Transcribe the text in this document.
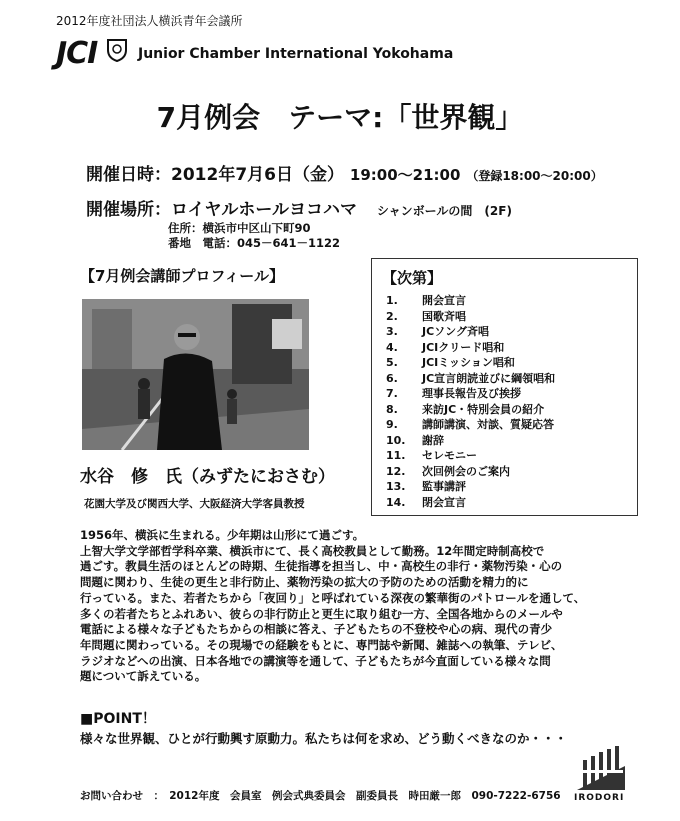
2012年度社団法人横浜青年会議所
JCI	Junior Chamber International Yokohama
7月例会　テーマ:「世界観」
開催日時：2012年7月6日（金） 19:00～21:00 （登録18:00～20:00）
開催場所：ロイヤルホールヨコハマ シャンボールの間　(2F)
住所：横浜市中区山下町90
番地　電話：045－641－1122
【7月例会講師プロフィール】
水谷　修　氏（みずたにおさむ）
花園大学及び関西大学、大阪経済大学客員教授
【次第】
1. 開会宣言
2. 国歌斉唱
3. JCソング斉唱
4. JCIクリード唱和
5. JCIミッション唱和
6. JC宣言朗読並びに綱領唱和
7. 理事長報告及び挨拶
8. 来訪JC・特別会員の紹介
9. 講師講演、対談、質疑応答
10. 謝辞
11. セレモニー
12. 次回例会のご案内
13. 監事講評
14. 閉会宣言

1956年、横浜に生まれる。少年期は山形にて過ごす。

上智大学文学部哲学科卒業、横浜市にて、長く高校教員として勤務。12年間定時制高校で

過ごす。教員生活のほとんどの時期、生徒指導を担当し、中・高校生の非行・薬物汚染・心の

問題に関わり、生徒の更生と非行防止、薬物汚染の拡大の予防のための活動を精力的に

行っている。また、若者たちから「夜回り」と呼ばれている深夜の繁華街のパトロールを通して、

多くの若者たちとふれあい、彼らの非行防止と更生に取り組む一方、全国各地からのメールや

電話による様々な子どもたちからの相談に答え、子どもたちの不登校や心の病、現代の青少

年問題に関わっている。その現場での経験をもとに、専門誌や新聞、雑誌への執筆、テレビ、

ラジオなどへの出演、日本各地での講演等を通して、子どもたちが今直面している様々な問

題について訴えている。

■POINT！
様々な世界観、ひとが行動興す原動力。私たちは何を求め、どう動くべきなのか・・・
お問い合わせ　：　2012年度　会員室　例会式典委員会　副委員長　時田厳一郎　090-7222-6756 IRODORI
